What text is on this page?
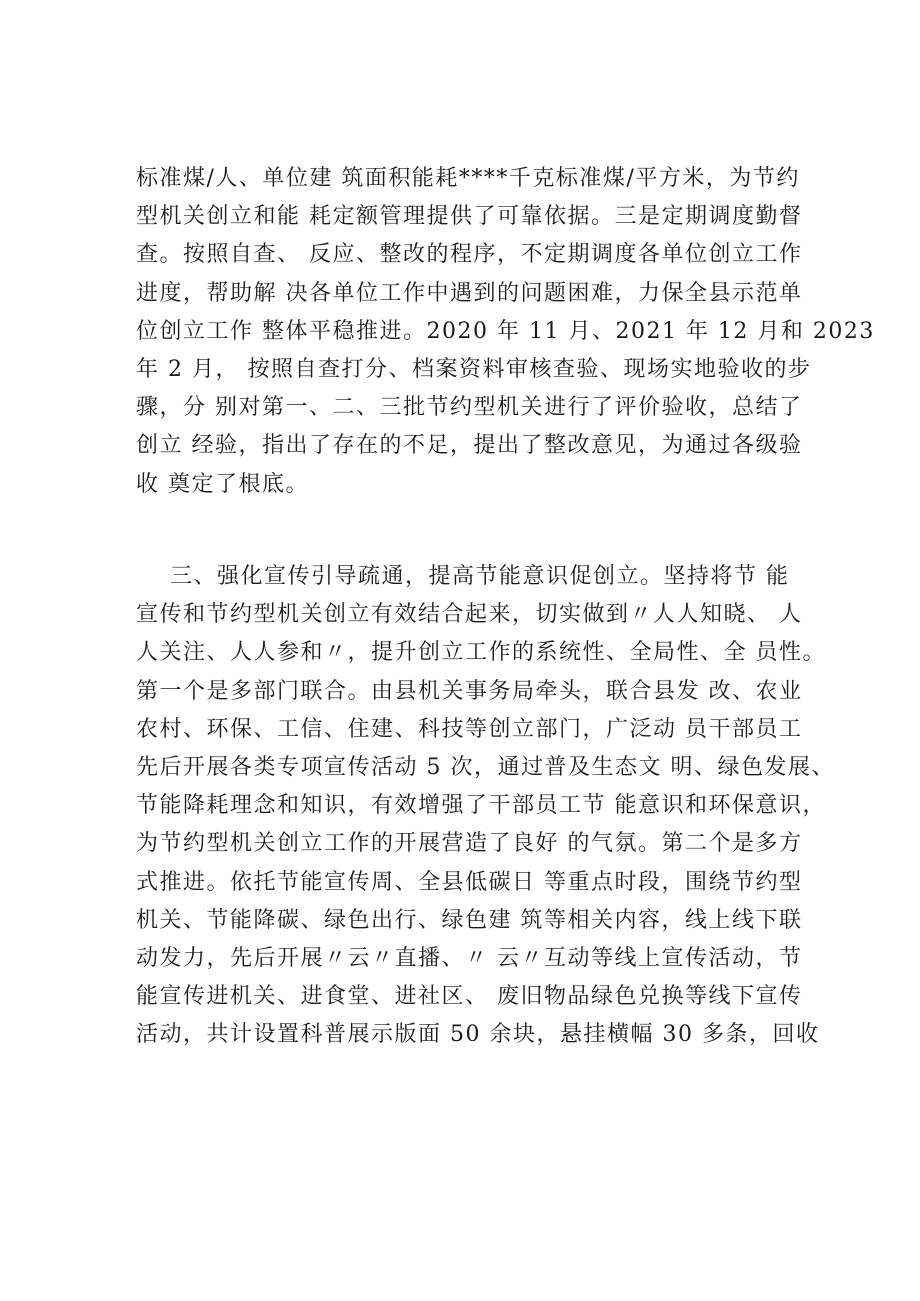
标准煤/人、单位建 筑面积能耗****千克标准煤/平方米，为节约
型机关创立和能 耗定额管理提供了可靠依据。三是定期调度勤督
查。按照自查、 反应、整改的程序，不定期调度各单位创立工作
进度，帮助解 决各单位工作中遇到的问题困难，力保全县示范单
位创立工作 整体平稳推进。2020 年 11 月、2021 年 12 月和 2023
年 2 月， 按照自查打分、档案资料审核查验、现场实地验收的步
骤，分 别对第一、二、三批节约型机关进行了评价验收，总结了
创立 经验，指出了存在的不足，提出了整改意见，为通过各级验
收 奠定了根底。
三、强化宣传引导疏通，提高节能意识促创立。坚持将节 能
宣传和节约型机关创立有效结合起来，切实做到〃人人知晓、 人
人关注、人人参和〃，提升创立工作的系统性、全局性、全 员性。
第一个是多部门联合。由县机关事务局牵头，联合县发 改、农业
农村、环保、工信、住建、科技等创立部门，广泛动 员干部员工
先后开展各类专项宣传活动 5 次，通过普及生态文 明、绿色发展、
节能降耗理念和知识，有效增强了干部员工节 能意识和环保意识，
为节约型机关创立工作的开展营造了良好 的气氛。第二个是多方
式推进。依托节能宣传周、全县低碳日 等重点时段，围绕节约型
机关、节能降碳、绿色出行、绿色建 筑等相关内容，线上线下联
动发力，先后开展〃云〃直播、〃 云〃互动等线上宣传活动，节
能宣传进机关、进食堂、进社区、 废旧物品绿色兑换等线下宣传
活动，共计设置科普展示版面 50 余块，悬挂横幅 30 多条，回收
